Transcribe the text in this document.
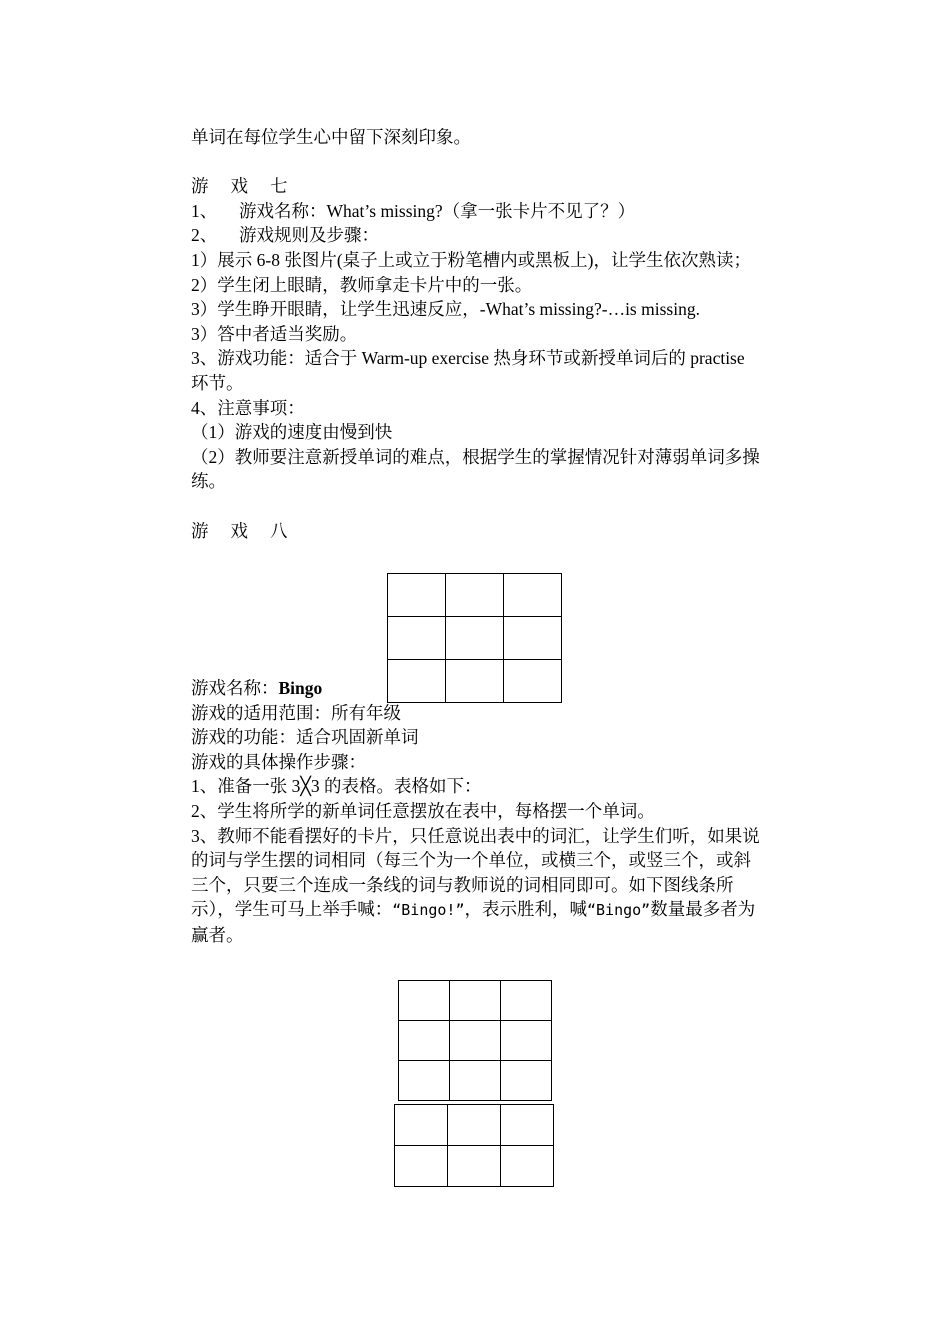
单词在每位学生心中留下深刻印象。
游 戏 七
1、 游戏名称：What’s missing?（拿一张卡片不见了？）
2、 游戏规则及步骤：
1）展示 6-8 张图片(桌子上或立于粉笔槽内或黑板上)，让学生依次熟读；
2）学生闭上眼睛，教师拿走卡片中的一张。
3）学生睁开眼睛，让学生迅速反应，-What’s missing?-…is missing.
3）答中者适当奖励。
3、游戏功能：适合于 Warm-up exercise 热身环节或新授单词后的 practise 环节。
4、注意事项：
（1）游戏的速度由慢到快
（2）教师要注意新授单词的难点，根据学生的掌握情况针对薄弱单词多操练。
游 戏 八
游戏名称：Bingo
游戏的适用范围：所有年级
游戏的功能：适合巩固新单词
游戏的具体操作步骤：
1、准备一张 3╳3 的表格。表格如下：
2、学生将所学的新单词任意摆放在表中，每格摆一个单词。
3、教师不能看摆好的卡片，只任意说出表中的词汇，让学生们听，如果说的词与学生摆的词相同（每三个为一个单位，或横三个，或竖三个，或斜三个，只要三个连成一条线的词与教师说的词相同即可。如下图线条所示），学生可马上举手喊：“Bingo!”，表示胜利，喊“Bingo”数量最多者为赢者。
